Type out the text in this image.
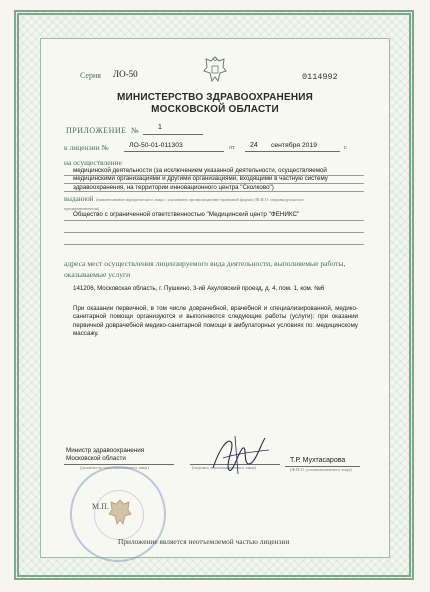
Серия ЛО-50	0114992
МИНИСТЕРСТВО ЗДРАВООХРАНЕНИЯ
МОСКОВСКОЙ ОБЛАСТИ
ПРИЛОЖЕНИЕ №	1
к лицензии №	ЛО-50-01-011303	от 24 сентября 2019	г.
на осуществление
медицинской деятельности (за исключением указанной деятельности, осуществляемой медицинскими организациями и другими организациями, входящими в частную систему здравоохранения, на территории инновационного центра "Сколково")
выданной (наименование юридического лица с указанием организационно-правовой формы (Ф.И.О. индивидуального
предпринимателя)
Общество с ограниченной ответственностью "Медицинский центр "ФЕНИКС"
адреса мест осуществления лицензируемого вида деятельности, выполняемые работы, оказываемые услуги
141206, Московская область, г. Пушкино, 3-ий Акуловский проезд, д. 4, пом. 1, ком. №6
При оказании первичной, в том числе доврачебной, врачебной и специализированной, медико-санитарной помощи организуются и выполняются следующие работы (услуги): при оказании первичной доврачебной медико-санитарной помощи в амбулаторных условиях по: медицинскому массажу.
Министр здравоохранения
Московской области
(должность уполномоченного лица)	(подпись уполномоченного лица)
Т.Р. Мухтасарова
(Ф.И.О. уполномоченного лица)
М.П.
Приложение является неотъемлемой частью лицензии
